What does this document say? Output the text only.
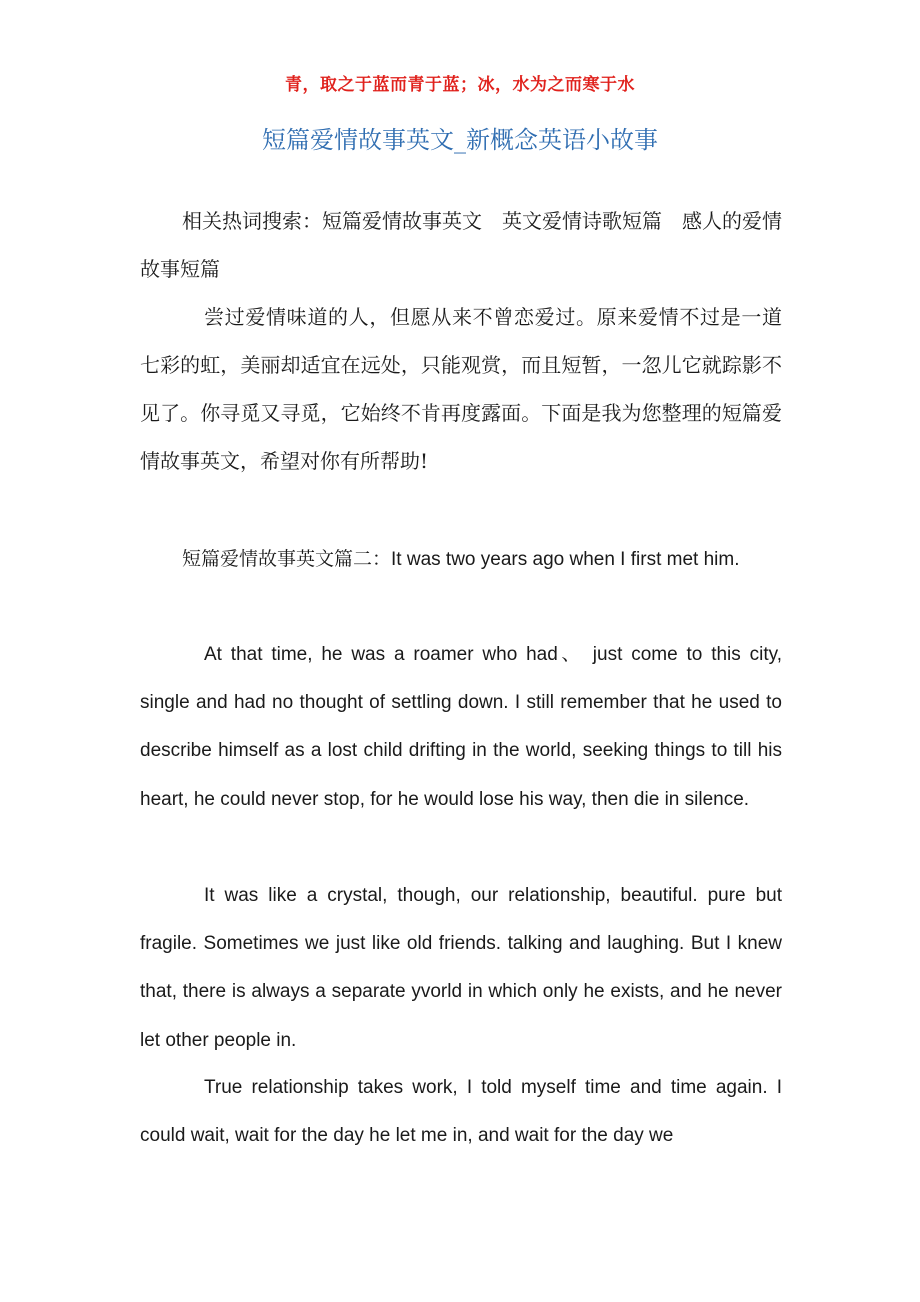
青，取之于蓝而青于蓝；冰，水为之而寒于水
短篇爱情故事英文_新概念英语小故事
相关热词搜索：短篇爱情故事英文　英文爱情诗歌短篇　感人的爱情故事短篇
尝过爱情味道的人，但愿从来不曾恋爱过。原来爱情不过是一道七彩的虹，美丽却适宜在远处，只能观赏，而且短暂，一忽儿它就踪影不见了。你寻觅又寻觅，它始终不肯再度露面。下面是我为您整理的短篇爱情故事英文，希望对你有所帮助!
短篇爱情故事英文篇二：It was two years ago when I first met him.
At that time, he was a roamer who had、 just come to this city, single and had no thought of settling down. I still remember that he used to describe himself as a lost child drifting in the world, seeking things to till his heart, he could never stop, for he would lose his way, then die in silence.
It was like a crystal, though, our relationship, beautiful. pure but fragile. Sometimes we just like old friends. talking and laughing. But I knew that, there is always a separate yvorld in which only he exists, and he never let other people in.
True relationship takes work, I told myself time and time again. I could wait, wait for the day he let me in, and wait for the day we
